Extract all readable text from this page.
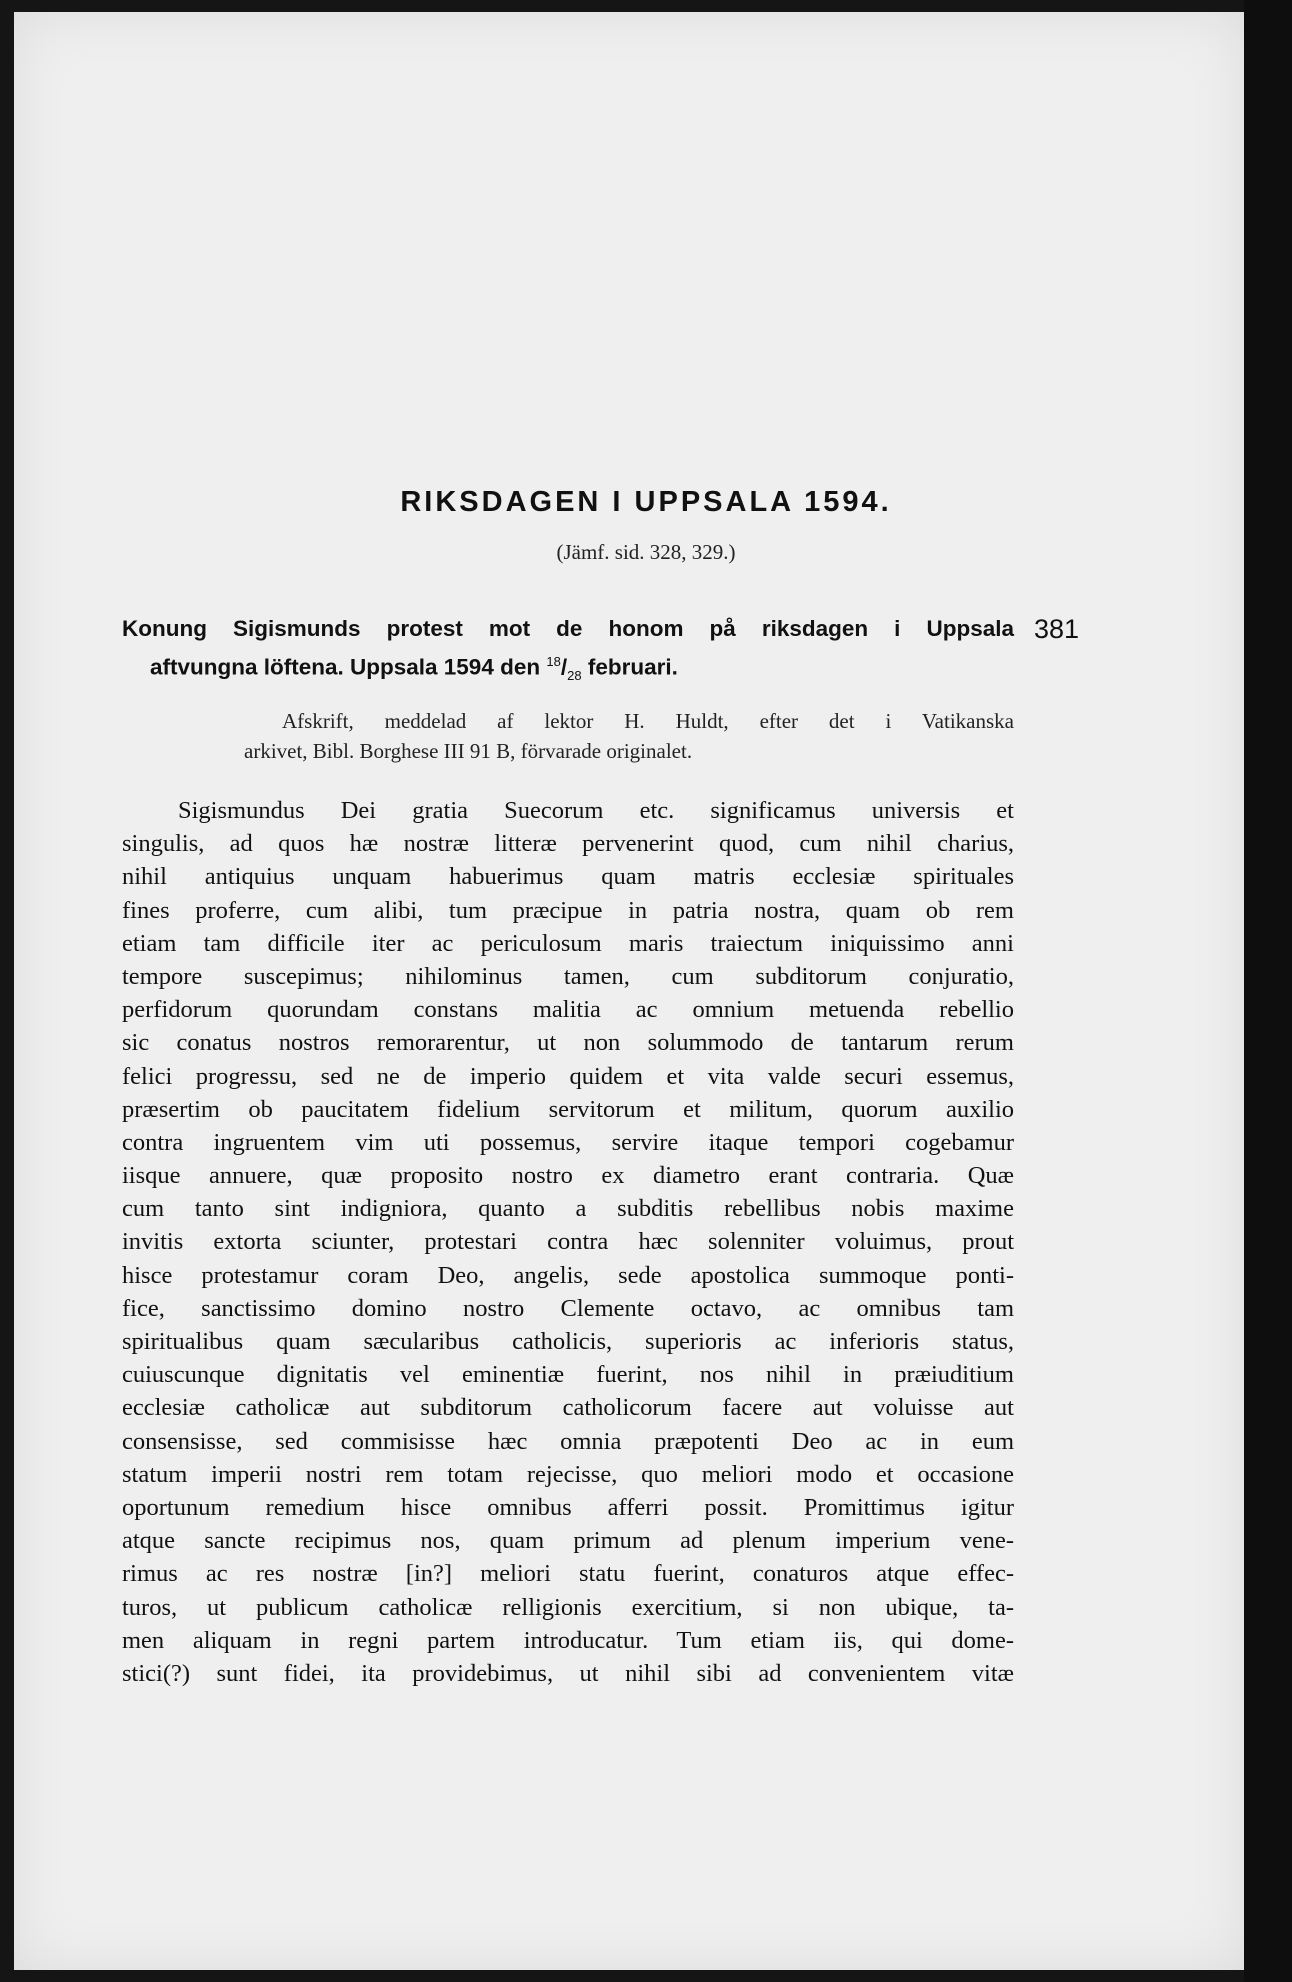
RIKSDAGEN I UPPSALA 1594.
(Jämf. sid. 328, 329.)
Konung Sigismunds protest mot de honom på riksdagen i Uppsala
aftvungna löftena. Uppsala 1594 den $^{18}/_{28}$ februari.
381
Afskrift, meddelad af lektor H. Huldt, efter det i Vatikanska
arkivet, Bibl. Borghese III 91 B, förvarade originalet.
Sigismundus Dei gratia Suecorum etc. significamus universis et
singulis, ad quos hæ nostræ litteræ pervenerint quod, cum nihil charius,
nihil antiquius unquam habuerimus quam matris ecclesiæ spirituales
fines proferre, cum alibi, tum præcipue in patria nostra, quam ob rem
etiam tam difficile iter ac periculosum maris traiectum iniquissimo anni
tempore suscepimus; nihilominus tamen, cum subditorum conjuratio,
perfidorum quorundam constans malitia ac omnium metuenda rebellio
sic conatus nostros remorarentur, ut non solummodo de tantarum rerum
felici progressu, sed ne de imperio quidem et vita valde securi essemus,
præsertim ob paucitatem fidelium servitorum et militum, quorum auxilio
contra ingruentem vim uti possemus, servire itaque tempori cogebamur
iisque annuere, quæ proposito nostro ex diametro erant contraria. Quæ
cum tanto sint indigniora, quanto a subditis rebellibus nobis maxime
invitis extorta sciunter, protestari contra hæc solenniter voluimus, prout
hisce protestamur coram Deo, angelis, sede apostolica summoque ponti-
fice, sanctissimo domino nostro Clemente octavo, ac omnibus tam
spiritualibus quam sæcularibus catholicis, superioris ac inferioris status,
cuiuscunque dignitatis vel eminentiæ fuerint, nos nihil in præiuditium
ecclesiæ catholicæ aut subditorum catholicorum facere aut voluisse aut
consensisse, sed commisisse hæc omnia præpotenti Deo ac in eum
statum imperii nostri rem totam rejecisse, quo meliori modo et occasione
oportunum remedium hisce omnibus afferri possit. Promittimus igitur
atque sancte recipimus nos, quam primum ad plenum imperium vene-
rimus ac res nostræ [in?] meliori statu fuerint, conaturos atque effec-
turos, ut publicum catholicæ relligionis exercitium, si non ubique, ta-
men aliquam in regni partem introducatur. Tum etiam iis, qui dome-
stici(?) sunt fidei, ita providebimus, ut nihil sibi ad convenientem vitæ
